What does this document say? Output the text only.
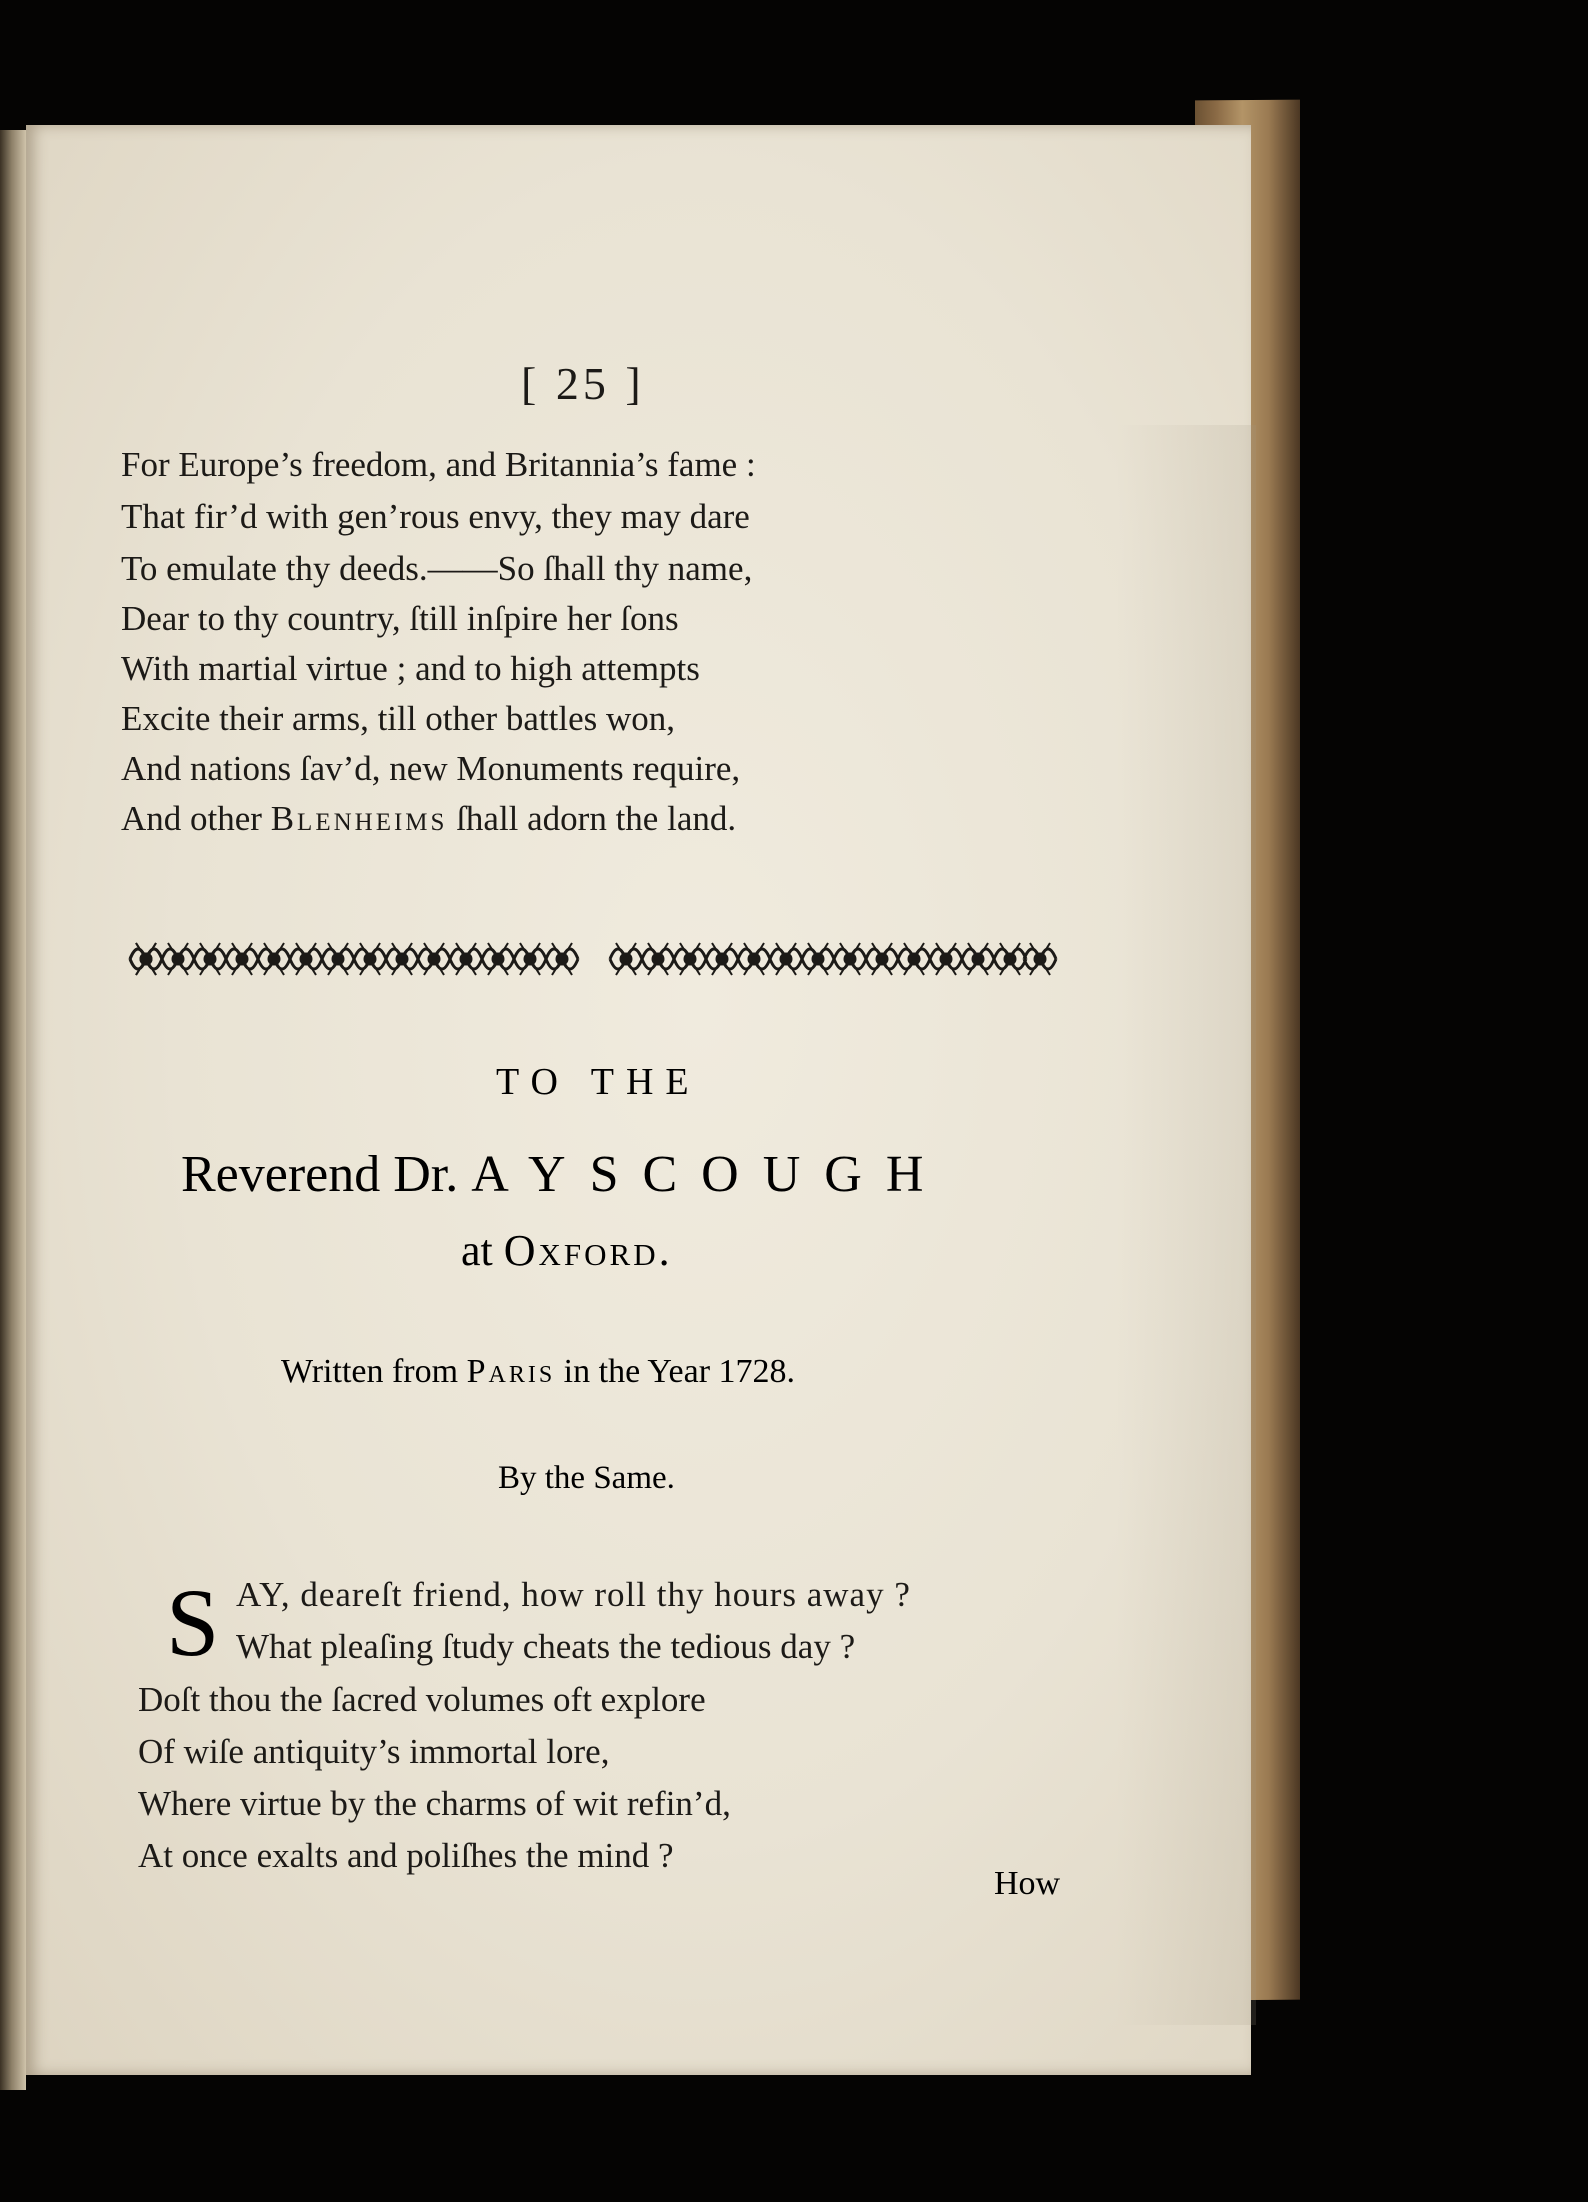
[ 25 ]
For Europe’s freedom, and Britannia’s fame :
That fir’d with gen’rous envy, they may dare
To emulate thy deeds.——So ſhall thy name,
Dear to thy country, ſtill inſpire her ſons
With martial virtue ; and to high attempts
Excite their arms, till other battles won,
And nations ſav’d, new Monuments require,
And other Blenheims ſhall adorn the land.
TO THE
Reverend Dr. AYSCOUGH
at Oxford.
Written from Paris in the Year 1728.
By the Same.
S AY, deareſt friend, how roll thy hours away ?
What pleaſing ſtudy cheats the tedious day ?
Doſt thou the ſacred volumes oft explore
Of wiſe antiquity’s immortal lore,
Where virtue by the charms of wit refin’d,
At once exalts and poliſhes the mind ?
How
